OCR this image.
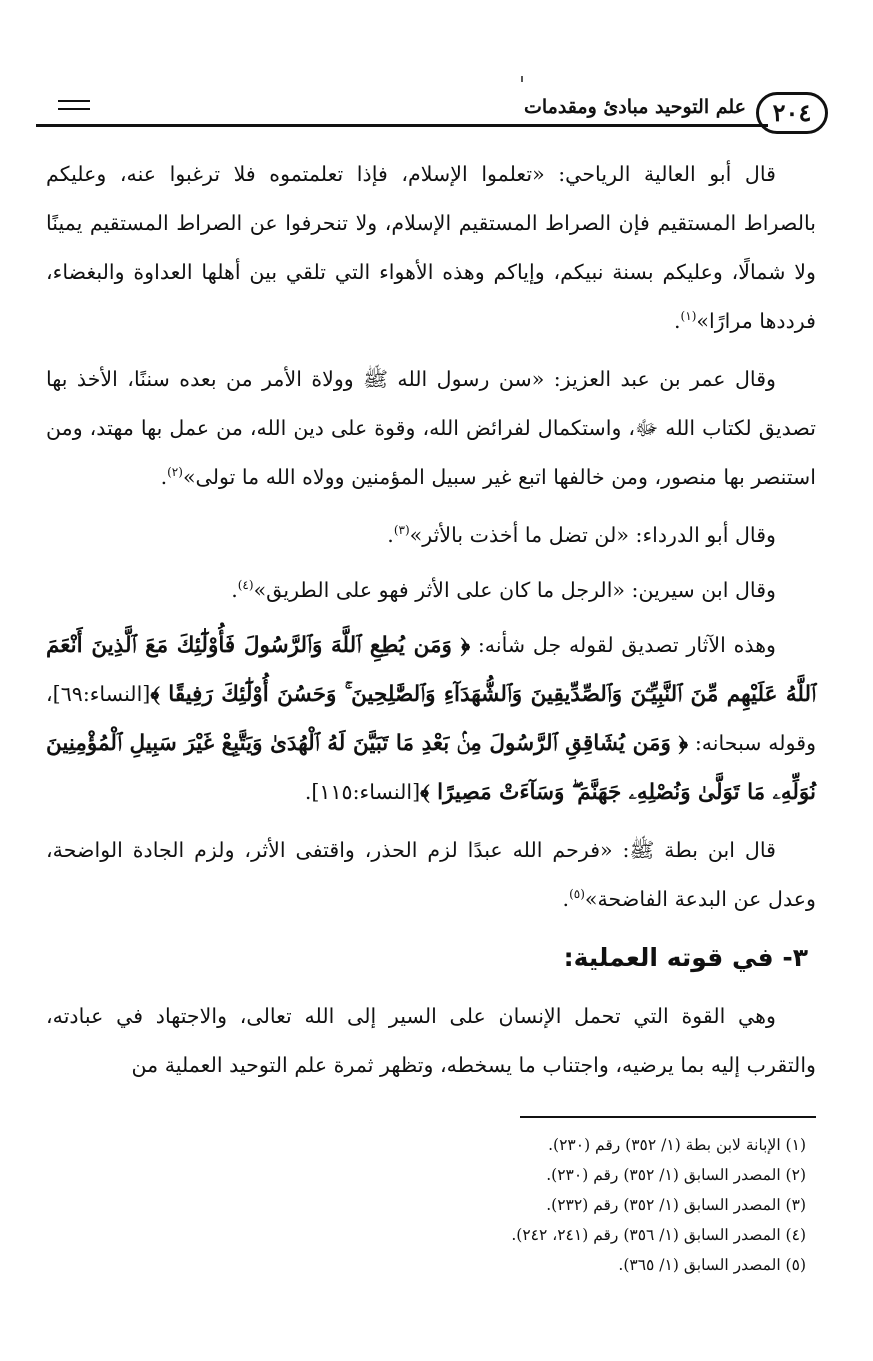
٢٠٤
علم التوحيد مبادئ ومقدمات

قال أبو العالية الرياحي: «تعلموا الإسلام، فإذا تعلمتموه فلا ترغبوا عنه، وعليكم بالصراط المستقيم فإن الصراط المستقيم الإسلام، ولا تنحرفوا عن الصراط المستقيم يمينًا ولا شمالًا، وعليكم بسنة نبيكم، وإياكم وهذه الأهواء التي تلقي بين أهلها العداوة والبغضاء، فرددها مرارًا»$^{(١)}$.

وقال عمر بن عبد العزيز: «سن رسول الله ﷺ وولاة الأمر من بعده سننًا، الأخذ بها تصديق لكتاب الله ﷻ، واستكمال لفرائض الله، وقوة على دين الله، من عمل بها مهتد، ومن استنصر بها منصور، ومن خالفها اتبع غير سبيل المؤمنين وولاه الله ما تولى»$^{(٢)}$.

وقال أبو الدرداء: «لن تضل ما أخذت بالأثر»$^{(٣)}$.

وقال ابن سيرين: «الرجل ما كان على الأثر فهو على الطريق»$^{(٤)}$.

وهذه الآثار تصديق لقوله جل شأنه: ﴿ وَمَن يُطِعِ ٱللَّهَ وَٱلرَّسُولَ فَأُوْلَٰٓئِكَ مَعَ ٱلَّذِينَ أَنْعَمَ ٱللَّهُ عَلَيْهِم مِّنَ ٱلنَّبِيِّـۧنَ وَٱلصِّدِّيقِينَ وَٱلشُّهَدَآءِ وَٱلصَّٰلِحِينَ ۚ وَحَسُنَ أُوْلَٰٓئِكَ رَفِيقًا ﴾[النساء:٦٩]، وقوله سبحانه: ﴿ وَمَن يُشَاقِقِ ٱلرَّسُولَ مِنۢ بَعْدِ مَا تَبَيَّنَ لَهُ ٱلْهُدَىٰ وَيَتَّبِعْ غَيْرَ سَبِيلِ ٱلْمُؤْمِنِينَ نُوَلِّهِۦ مَا تَوَلَّىٰ وَنُصْلِهِۦ جَهَنَّمَ ۖ وَسَآءَتْ مَصِيرًا ﴾[النساء:١١٥].

قال ابن بطة ﷺ: «فرحم الله عبدًا لزم الحذر، واقتفى الأثر، ولزم الجادة الواضحة، وعدل عن البدعة الفاضحة»$^{(٥)}$.

٣- في قوته العملية:

وهي القوة التي تحمل الإنسان على السير إلى الله تعالى، والاجتهاد في عبادته، والتقرب إليه بما يرضيه، واجتناب ما يسخطه، وتظهر ثمرة علم التوحيد العملية من

(١) الإبانة لابن بطة (١/ ٣٥٢) رقم (٢٣٠).

(٢) المصدر السابق (١/ ٣٥٢) رقم (٢٣٠).

(٣) المصدر السابق (١/ ٣٥٢) رقم (٢٣٢).

(٤) المصدر السابق (١/ ٣٥٦) رقم (٢٤١، ٢٤٢).

(٥) المصدر السابق (١/ ٣٦٥).
